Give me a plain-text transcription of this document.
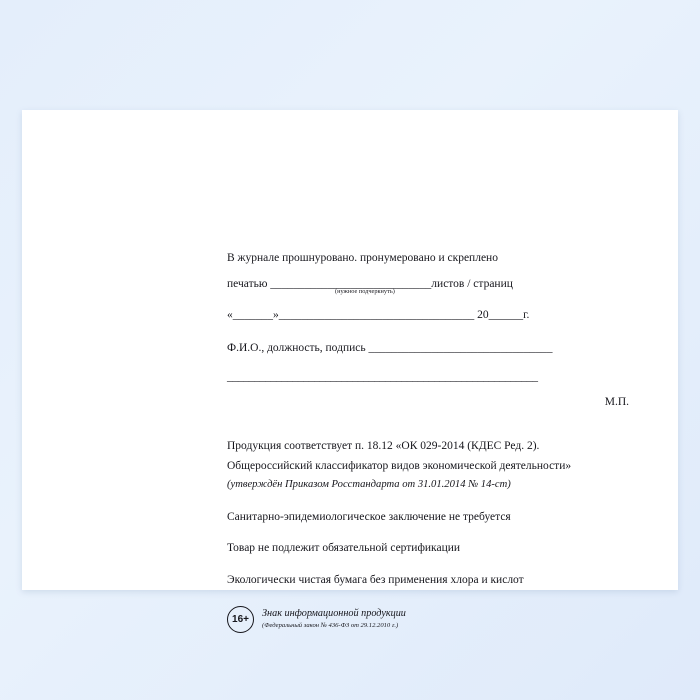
В журнале прошнуровано. пронумеровано и скреплено
печатью ____________________________листов / страниц
(нужное подчеркнуть)
«_______»__________________________________ 20______г.
Ф.И.О., должность, подпись ________________________________
_________________________________________________________
М.П.
Продукция соответствует п. 18.12 «ОК 029-2014 (КДЕС Ред. 2).
Общероссийский классификатор видов экономической деятельности»
(утверждён Приказом Росстандарта от 31.01.2014 № 14-ст)
Санитарно-эпидемиологическое заключение не требуется
Товар не подлежит обязательной сертификации
Экологически чистая бумага без применения хлора и кислот
16+
Знак информационной продукции
(Федеральный закон № 436-ФЗ от 29.12.2010 г.)
